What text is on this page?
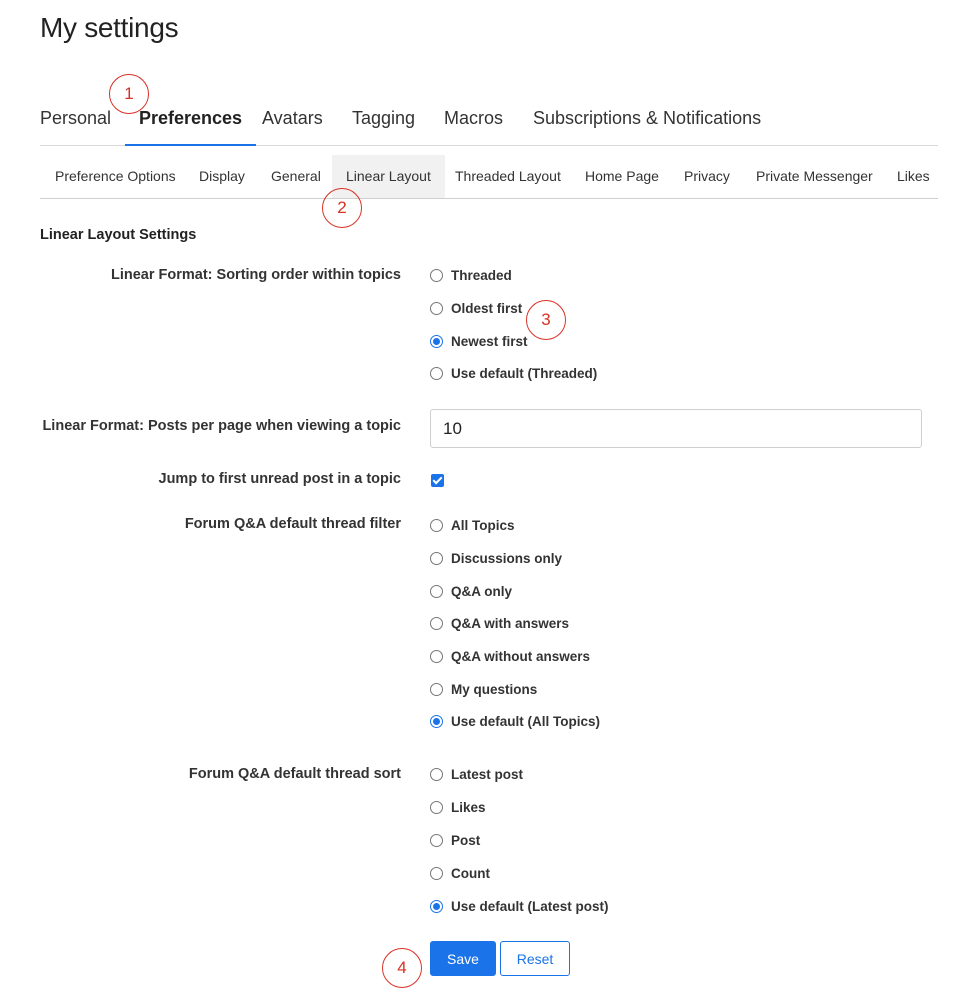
My settings
Personal	Preferences	Avatars Tagging Macros Subscriptions & Notifications
Preference Options Display General	Linear Layout	Threaded Layout Home Page Privacy Private Messenger Likes
Linear Layout Settings
Linear Format: Sorting order within topics	Threaded
Oldest first
Newest first
Use default (Threaded)
Linear Format: Posts per page when viewing a topic
10
Jump to first unread post in a topic
Forum Q&A default thread filter	All Topics
Discussions only
Q&A only
Q&A with answers
Q&A without answers
My questions
Use default (All Topics)
Forum Q&A default thread sort	Latest post
Likes
Post
Count
Use default (Latest post)
Save	Reset
1
2
3
4
